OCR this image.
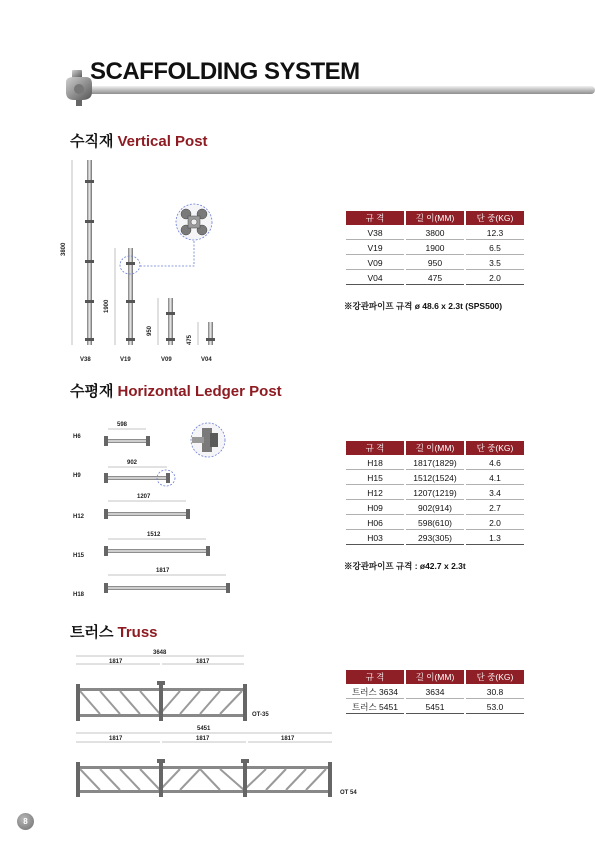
SCAFFOLDING SYSTEM
수직재 Vertical Post
3800
1900
950
475
V38	V19	V09	V04
규 격	길 이(MM)	단 중(KG)
V38	3800	12.3
V19	1900	6.5
V09	950	3.5
V04	475	2.0
※강관파이프 규격 ø 48.6 x 2.3t (SPS500)
수평재 Horizontal Ledger Post
H6
H9
H12
H15
H18
598
902
1207
1512
1817
규 격	길 이(MM)	단 중(KG)
H18	1817(1829)	4.6
H15	1512(1524)	4.1
H12	1207(1219)	3.4
H09	902(914)	2.7
H06	598(610)	2.0
H03	293(305)	1.3
※강관파이프 규격 : ø42.7 x 2.3t
트러스 Truss
3648
1817	1817
OT-35
5451
1817	1817	1817
OT 54
규 격	길 이(MM)	단 중(KG)
트러스 3634	3634	30.8
트러스 5451	5451	53.0
8
